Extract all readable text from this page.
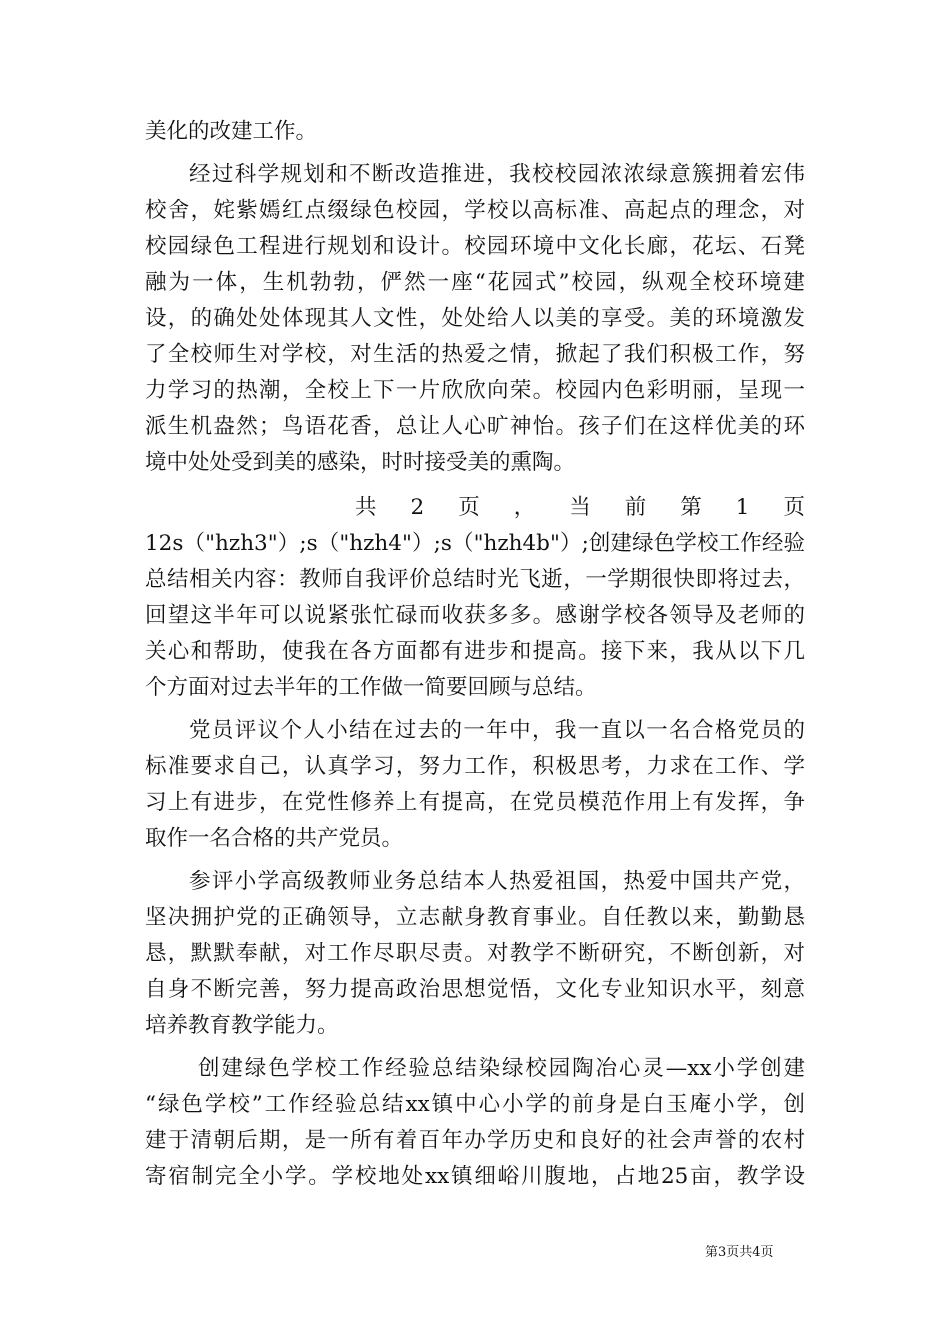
美化的改建工作。
经过科学规划和不断改造推进，我校校园浓浓绿意簇拥着宏伟
校舍，姹紫嫣红点缀绿色校园，学校以高标准、高起点的理念，对
校园绿色工程进行规划和设计。校园环境中文化长廊，花坛、石凳
融为一体，生机勃勃，俨然一座“花园式”校园，纵观全校环境建
设，的确处处体现其人文性，处处给人以美的享受。美的环境激发
了全校师生对学校，对生活的热爱之情，掀起了我们积极工作，努
力学习的热潮，全校上下一片欣欣向荣。校园内色彩明丽，呈现一
派生机盎然；鸟语花香，总让人心旷神怡。孩子们在这样优美的环
境中处处受到美的感染，时时接受美的熏陶。
共 2 页 ， 当 前 第 1 页
12s（"hzh3"）;s（"hzh4"）;s（"hzh4b"）;创建绿色学校工作经验
总结相关内容：教师自我评价总结时光飞逝，一学期很快即将过去，
回望这半年可以说紧张忙碌而收获多多。感谢学校各领导及老师的
关心和帮助，使我在各方面都有进步和提高。接下来，我从以下几
个方面对过去半年的工作做一简要回顾与总结。
党员评议个人小结在过去的一年中，我一直以一名合格党员的
标准要求自己，认真学习，努力工作，积极思考，力求在工作、学
习上有进步，在党性修养上有提高，在党员模范作用上有发挥，争
取作一名合格的共产党员。
参评小学高级教师业务总结本人热爱祖国，热爱中国共产党，
坚决拥护党的正确领导，立志献身教育事业。自任教以来，勤勤恳
恳，默默奉献，对工作尽职尽责。对教学不断研究，不断创新，对
自身不断完善，努力提高政治思想觉悟，文化专业知识水平，刻意
培养教育教学能力。
创建绿色学校工作经验总结染绿校园陶冶心灵—xx小学创建
“绿色学校”工作经验总结xx镇中心小学的前身是白玉庵小学，创
建于清朝后期，是一所有着百年办学历史和良好的社会声誉的农村
寄宿制完全小学。学校地处xx镇细峪川腹地，占地25亩，教学设
第3页共4页
